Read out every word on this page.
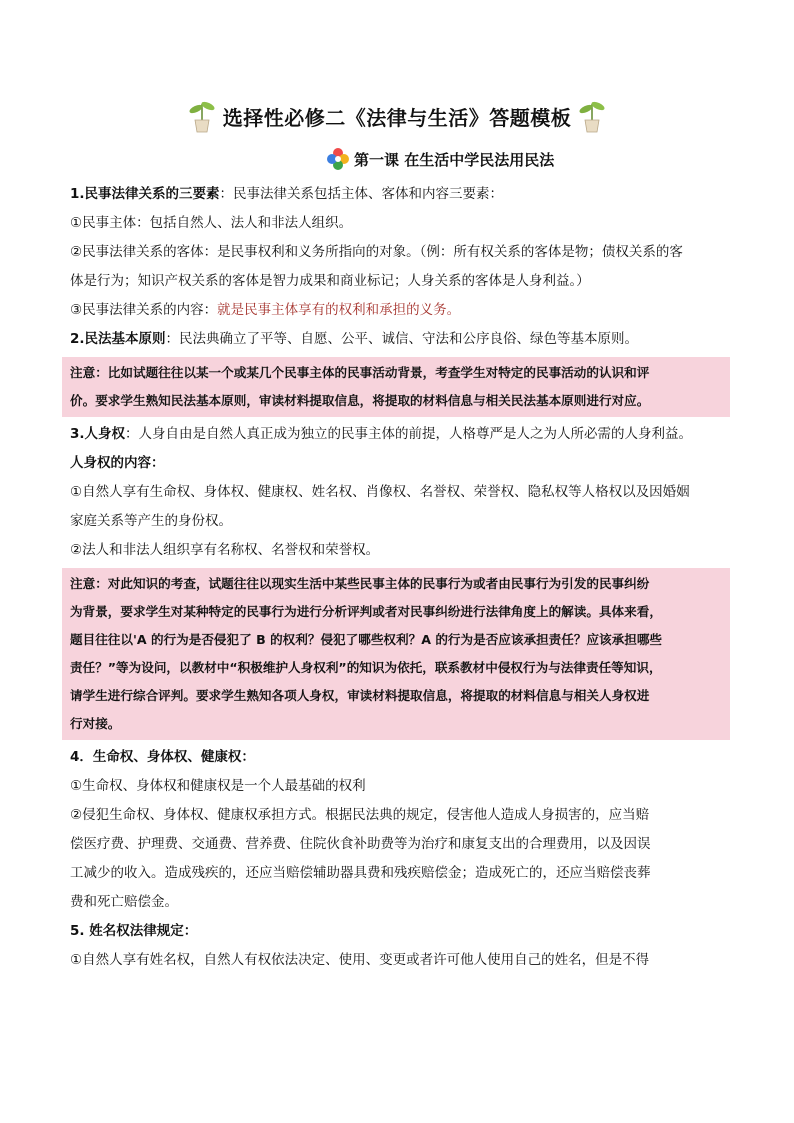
选择性必修二《法律与生活》答题模板
第一课 在生活中学民法用民法

1.民事法律关系的三要素：民事法律关系包括主体、客体和内容三要素：

①民事主体：包括自然人、法人和非法人组织。

②民事法律关系的客体：是民事权利和义务所指向的对象。（例：所有权关系的客体是物；债权关系的客

体是行为；知识产权关系的客体是智力成果和商业标记；人身关系的客体是人身利益。）

③民事法律关系的内容：就是民事主体享有的权利和承担的义务。

2.民法基本原则：民法典确立了平等、自愿、公平、诚信、守法和公序良俗、绿色等基本原则。

注意：比如试题往往以某一个或某几个民事主体的民事活动背景，考查学生对特定的民事活动的认识和评

价。要求学生熟知民法基本原则，审读材料提取信息，将提取的材料信息与相关民法基本原则进行对应。

3.人身权：人身自由是自然人真正成为独立的民事主体的前提，人格尊严是人之为人所必需的人身利益。

人身权的内容：

①自然人享有生命权、身体权、健康权、姓名权、肖像权、名誉权、荣誉权、隐私权等人格权以及因婚姻

家庭关系等产生的身份权。

②法人和非法人组织享有名称权、名誉权和荣誉权。

注意：对此知识的考查，试题往往以现实生活中某些民事主体的民事行为或者由民事行为引发的民事纠纷

为背景，要求学生对某种特定的民事行为进行分析评判或者对民事纠纷进行法律角度上的解读。具体来看，

题目往往以'A 的行为是否侵犯了 B 的权利？侵犯了哪些权利？A 的行为是否应该承担责任？应该承担哪些

责任？”等为设问，以教材中“积极维护人身权利”的知识为依托，联系教材中侵权行为与法律责任等知识，

请学生进行综合评判。要求学生熟知各项人身权，审读材料提取信息，将提取的材料信息与相关人身权进

行对接。

4．生命权、身体权、健康权：

①生命权、身体权和健康权是一个人最基础的权利

②侵犯生命权、身体权、健康权承担方式。根据民法典的规定，侵害他人造成人身损害的，应当赔

偿医疗费、护理费、交通费、营养费、住院伙食补助费等为治疗和康复支出的合理费用，以及因误

工减少的收入。造成残疾的，还应当赔偿辅助器具费和残疾赔偿金；造成死亡的，还应当赔偿丧葬

费和死亡赔偿金。

5. 姓名权法律规定：

①自然人享有姓名权，自然人有权依法决定、使用、变更或者许可他人使用自己的姓名，但是不得
